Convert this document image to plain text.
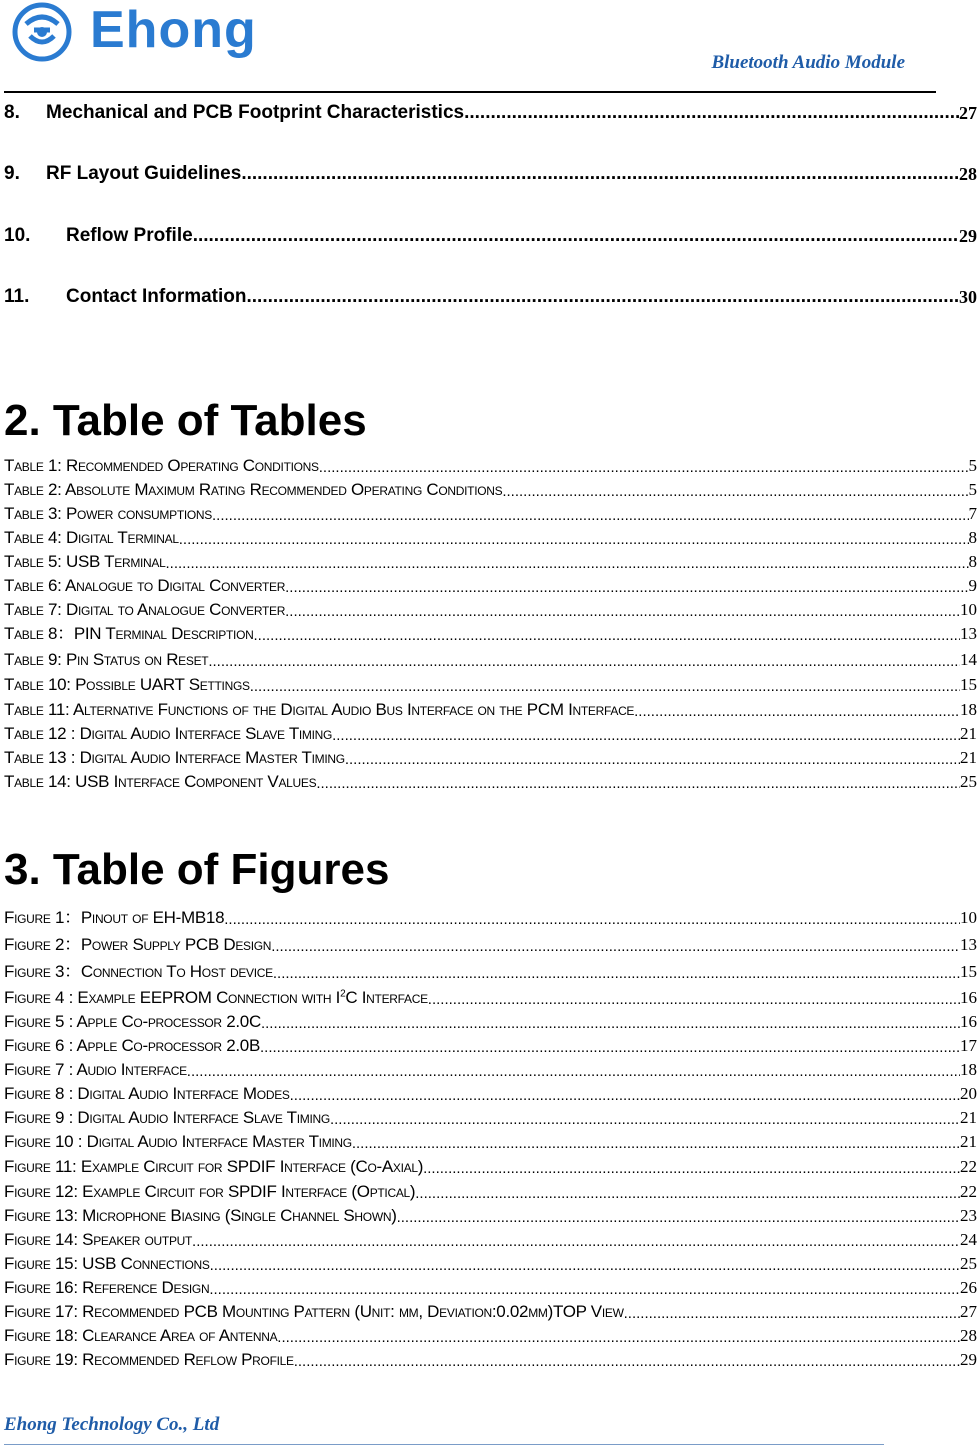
Ehong
Bluetooth Audio Module
8.	Mechanical and PCB Footprint Characteristics .....	27
9.	RF Layout Guidelines .....	28
10.	Reflow Profile .....	29
11.	Contact Information .....	30
2. Table of Tables
Table 1: Recommended Operating Conditions .....	5
Table 2: Absolute Maximum Rating Recommended Operating Conditions .....	5
Table 3: Power consumptions .....	7
Table 4: Digital Terminal .....	8
Table 5: USB Terminal .....	8
Table 6: Analogue to Digital Converter .....	9
Table 7: Digital to Analogue Converter .....	10
Table 8：PIN Terminal Description .....	13
Table 9: Pin Status on Reset .....	14
Table 10: Possible UART Settings .....	15
Table 11: Alternative Functions of the Digital Audio Bus Interface on the PCM Interface .....	18
Table 12 : Digital Audio Interface Slave Timing .....	21
Table 13 : Digital Audio Interface Master Timing .....	21
Table 14: USB Interface Component Values .....	25
3. Table of Figures
Figure 1：Pinout of EH-MB18 .....	10
Figure 2：Power Supply PCB Design .....	13
Figure 3：Connection To Host device .....	15
Figure 4 : Example EEPROM Connection with $I^2C$ Interface .....	16
Figure 5 : Apple Co-processor 2.0C .....	16
Figure 6 : Apple Co-processor 2.0B .....	17
Figure 7 : Audio Interface .....	18
Figure 8 : Digital Audio Interface Modes .....	20
Figure 9 : Digital Audio Interface Slave Timing .....	21
Figure 10 : Digital Audio Interface Master Timing .....	21
Figure 11: Example Circuit for SPDIF Interface (Co-Axial) .....	22
Figure 12: Example Circuit for SPDIF Interface (Optical) .....	22
Figure 13: Microphone Biasing (Single Channel Shown) .....	23
Figure 14: Speaker output .....	24
Figure 15: USB Connections .....	25
Figure 16: Reference Design .....	26
Figure 17: Recommended PCB Mounting Pattern (Unit: mm, Deviation:0.02mm)TOP View .....	27
Figure 18: Clearance Area of Antenna .....	28
Figure 19: Recommended Reflow Profile .....	29
Ehong Technology Co., Ltd
